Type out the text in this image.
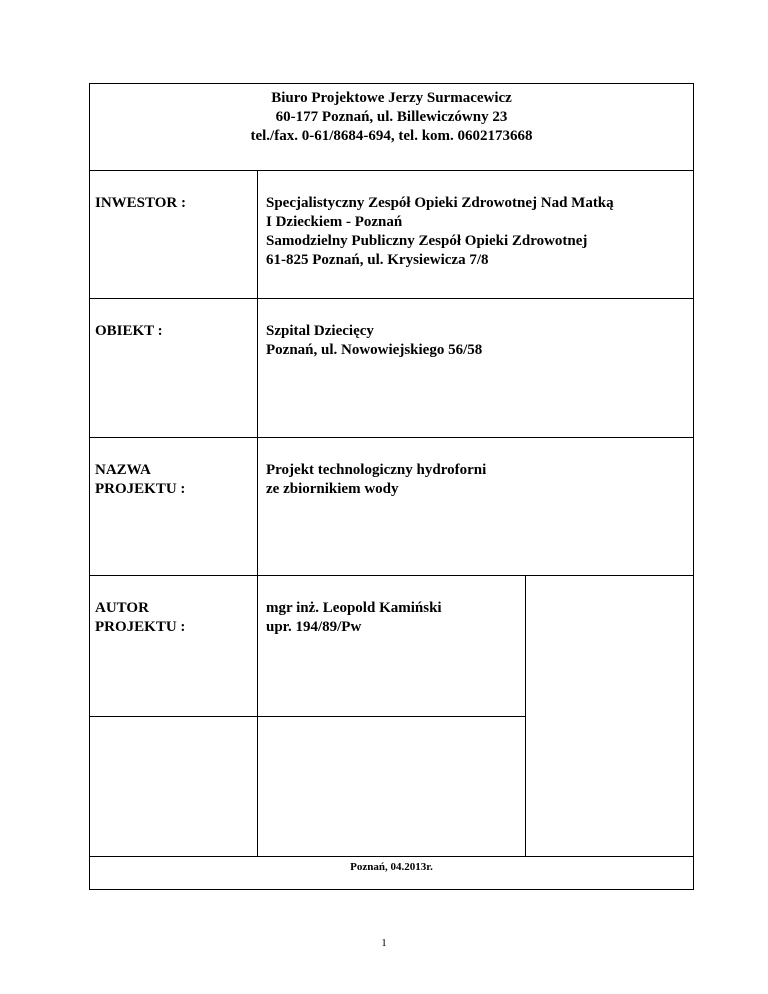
Biuro Projektowe Jerzy Surmacewicz
60-177 Poznań, ul. Billewiczówny 23
tel./fax. 0-61/8684-694, tel. kom. 0602173668		

INWESTOR :	Specjalistyczny Zespół Opieki Zdrowotnej Nad Matką
I Dzieckiem - Poznań
Samodzielny Publiczny Zespół Opieki Zdrowotnej
61-825 Poznań, ul. Krysiewicza 7/8	

OBIEKT :	Szpital Dziecięcy
Poznań, ul. Nowowiejskiego 56/58	

NAZWA
PROJEKTU :	Projekt technologiczny hydroforni
ze zbiornikiem wody	

AUTOR
PROJEKTU :	mgr inż. Leopold Kamiński
upr. 194/89/Pw	

Poznań, 04.2013r.		
1
